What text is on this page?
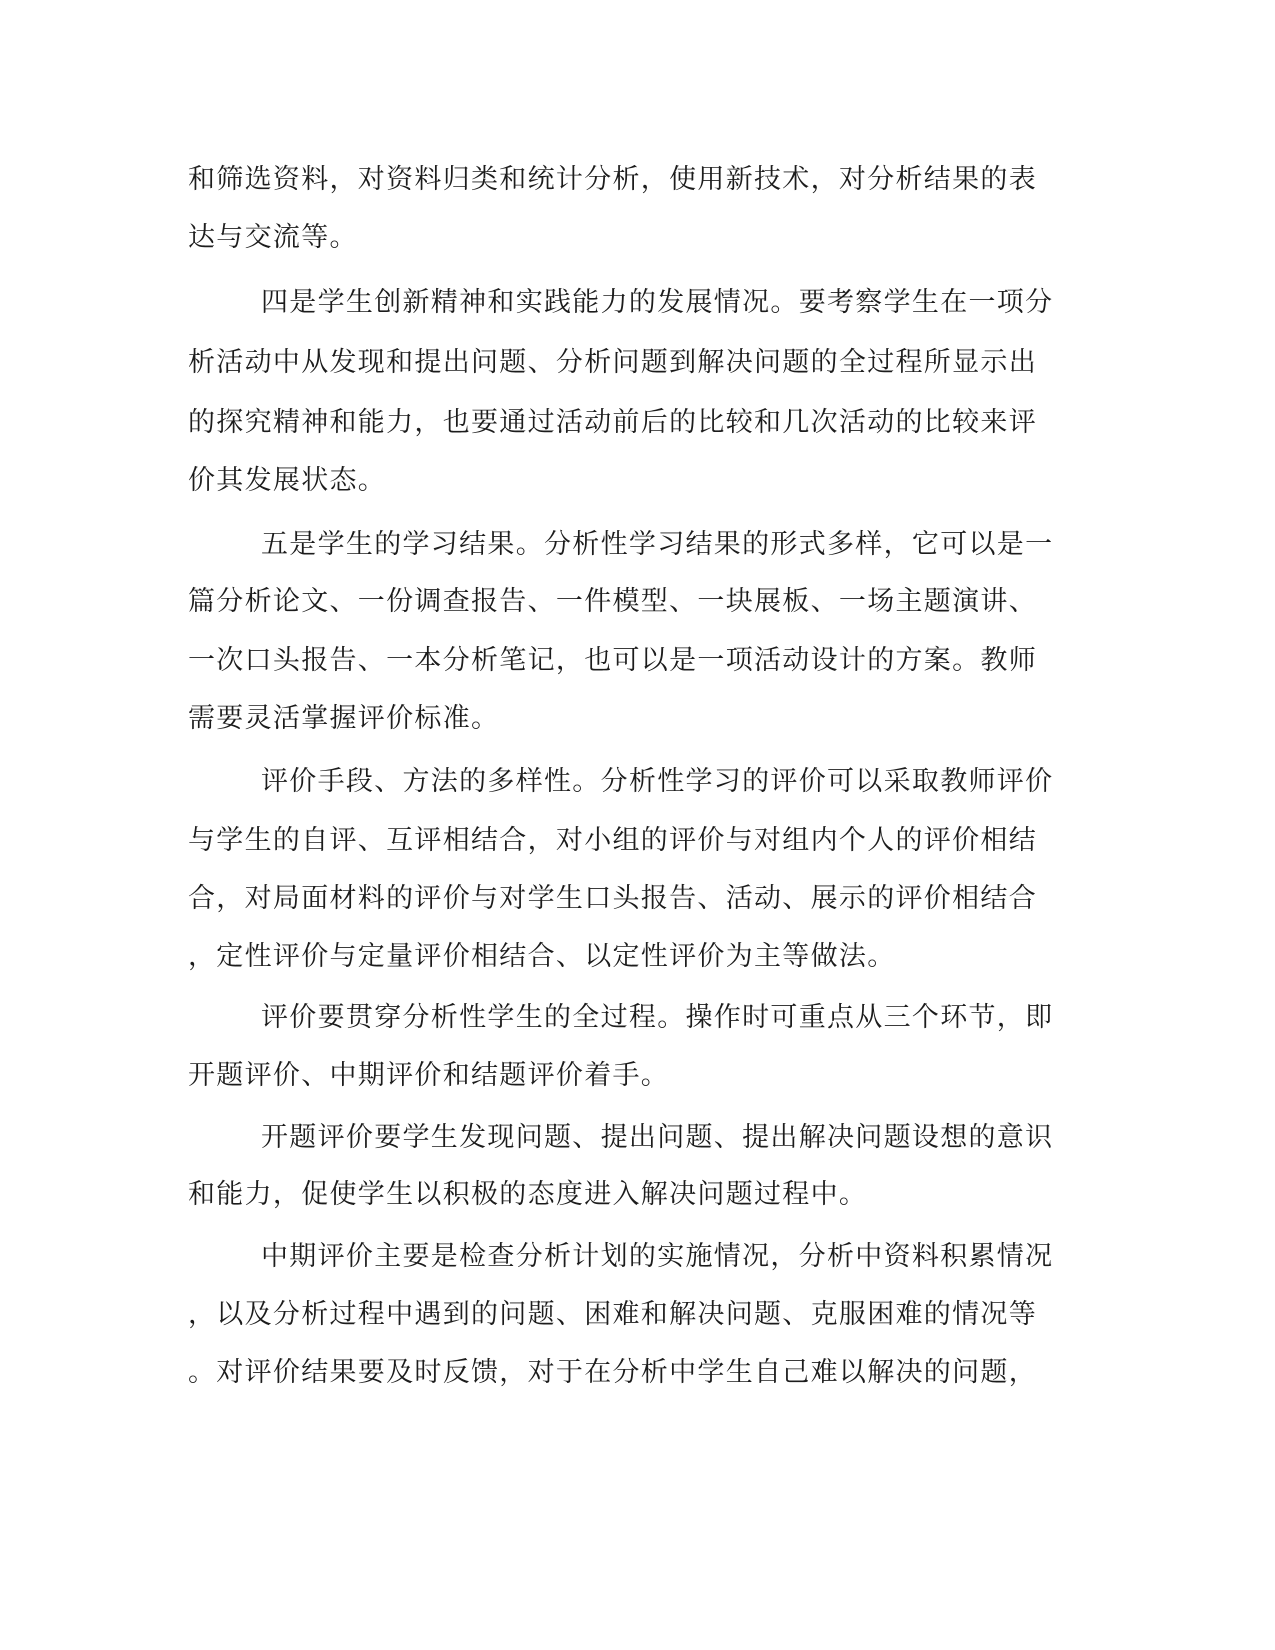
和筛选资料，对资料归类和统计分析，使用新技术，对分析结果的表
达与交流等。
四是学生创新精神和实践能力的发展情况。要考察学生在一项分
析活动中从发现和提出问题、分析问题到解决问题的全过程所显示出
的探究精神和能力，也要通过活动前后的比较和几次活动的比较来评
价其发展状态。
五是学生的学习结果。分析性学习结果的形式多样，它可以是一
篇分析论文、一份调查报告、一件模型、一块展板、一场主题演讲、
一次口头报告、一本分析笔记，也可以是一项活动设计的方案。教师
需要灵活掌握评价标准。
评价手段、方法的多样性。分析性学习的评价可以采取教师评价
与学生的自评、互评相结合，对小组的评价与对组内个人的评价相结
合，对局面材料的评价与对学生口头报告、活动、展示的评价相结合
，定性评价与定量评价相结合、以定性评价为主等做法。
评价要贯穿分析性学生的全过程。操作时可重点从三个环节，即
开题评价、中期评价和结题评价着手。
开题评价要学生发现问题、提出问题、提出解决问题设想的意识
和能力，促使学生以积极的态度进入解决问题过程中。
中期评价主要是检查分析计划的实施情况，分析中资料积累情况
，以及分析过程中遇到的问题、困难和解决问题、克服困难的情况等
。对评价结果要及时反馈，对于在分析中学生自己难以解决的问题，
